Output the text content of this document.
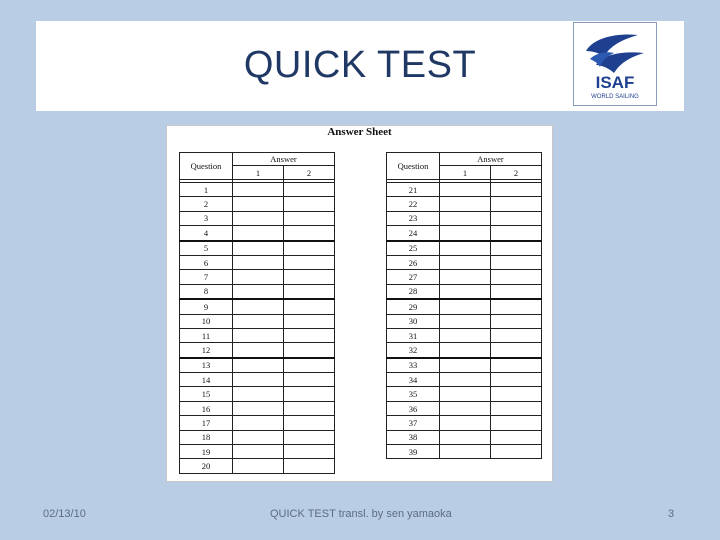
QUICK TEST	ISAF
WORLD SAILING
Answer Sheet
Question	Answer	
	1	2

1		
2		
3		
4		
5		
6		
7		
8		
9		
10		
11		
12		
13		
14		
15		
16		
17		
18		
19		
20		
Question	Answer	
	1	2

21		
22		
23		
24		
25		
26		
27		
28		
29		
30		
31		
32		
33		
34		
35		
36		
37		
38		
39		
02/13/10	QUICK TEST transl. by sen yamaoka	3
